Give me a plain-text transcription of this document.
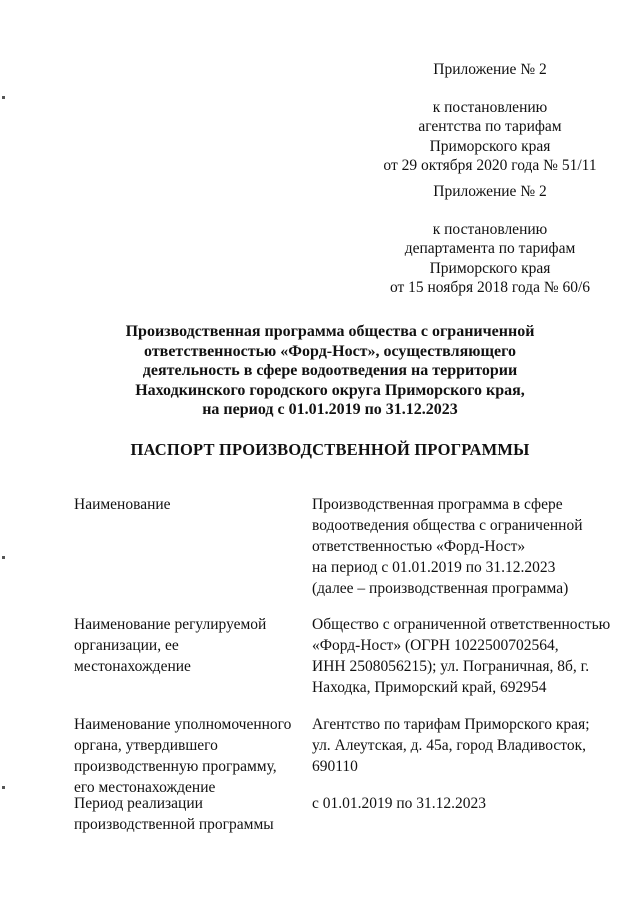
Приложение № 2
к постановлению
агентства по тарифам
Приморского края
от 29 октября 2020 года № 51/11
Приложение № 2
к постановлению
департамента по тарифам
Приморского края
от 15 ноября 2018 года № 60/6
Производственная программа общества с ограниченной
ответственностью «Форд-Ност», осуществляющего
деятельность в сфере водоотведения на территории
Находкинского городского округа Приморского края,
на период с 01.01.2019 по 31.12.2023
ПАСПОРТ ПРОИЗВОДСТВЕННОЙ ПРОГРАММЫ
Наименование	Производственная программа в сфере
водоотведения общества с ограниченной
ответственностью «Форд-Ност»
на период с 01.01.2019 по 31.12.2023
(далее – производственная программа)
Наименование регулируемой
организации, ее
местонахождение
Общество с ограниченной ответственностью
«Форд-Ност» (ОГРН 1022500702564,
ИНН 2508056215); ул. Пограничная, 8б, г.
Находка, Приморский край, 692954
Наименование уполномоченного
органа, утвердившего
производственную программу,
его местонахождение
Агентство по тарифам Приморского края;
ул. Алеутская, д. 45а, город Владивосток,
690110
Период реализации
производственной программы
с 01.01.2019 по 31.12.2023
